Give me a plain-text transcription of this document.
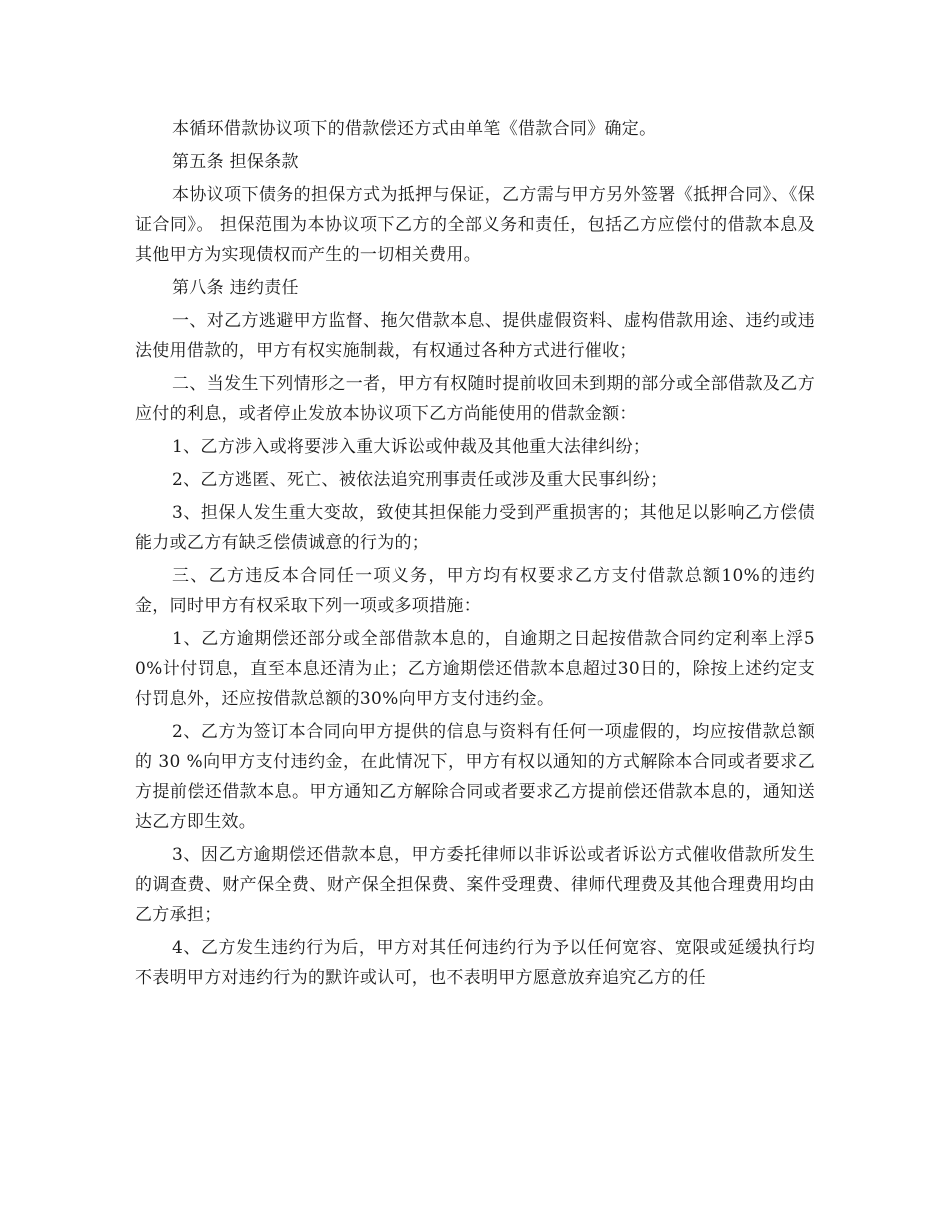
本循环借款协议项下的借款偿还方式由单笔《借款合同》确定。

第五条 担保条款

本协议项下债务的担保方式为抵押与保证，乙方需与甲方另外签署《抵押合同》、《保证合同》。 担保范围为本协议项下乙方的全部义务和责任，包括乙方应偿付的借款本息及其他甲方为实现债权而产生的一切相关费用。

第八条 违约责任

一、对乙方逃避甲方监督、拖欠借款本息、提供虚假资料、虚构借款用途、违约或违法使用借款的，甲方有权实施制裁，有权通过各种方式进行催收；

二、当发生下列情形之一者，甲方有权随时提前收回未到期的部分或全部借款及乙方应付的利息，或者停止发放本协议项下乙方尚能使用的借款金额：

1、乙方涉入或将要涉入重大诉讼或仲裁及其他重大法律纠纷；

2、乙方逃匿、死亡、被依法追究刑事责任或涉及重大民事纠纷；

3、担保人发生重大变故，致使其担保能力受到严重损害的；其他足以影响乙方偿债能力或乙方有缺乏偿债诚意的行为的；

三、乙方违反本合同任一项义务，甲方均有权要求乙方支付借款总额10%的违约金，同时甲方有权采取下列一项或多项措施：

1、乙方逾期偿还部分或全部借款本息的，自逾期之日起按借款合同约定利率上浮50%计付罚息，直至本息还清为止；乙方逾期偿还借款本息超过30日的，除按上述约定支付罚息外，还应按借款总额的30%向甲方支付违约金。

2、乙方为签订本合同向甲方提供的信息与资料有任何一项虚假的，均应按借款总额的 30 %向甲方支付违约金，在此情况下，甲方有权以通知的方式解除本合同或者要求乙方提前偿还借款本息。甲方通知乙方解除合同或者要求乙方提前偿还借款本息的，通知送达乙方即生效。

3、因乙方逾期偿还借款本息，甲方委托律师以非诉讼或者诉讼方式催收借款所发生的调查费、财产保全费、财产保全担保费、案件受理费、律师代理费及其他合理费用均由乙方承担；

4、乙方发生违约行为后，甲方对其任何违约行为予以任何宽容、宽限或延缓执行均不表明甲方对违约行为的默许或认可，也不表明甲方愿意放弃追究乙方的任
